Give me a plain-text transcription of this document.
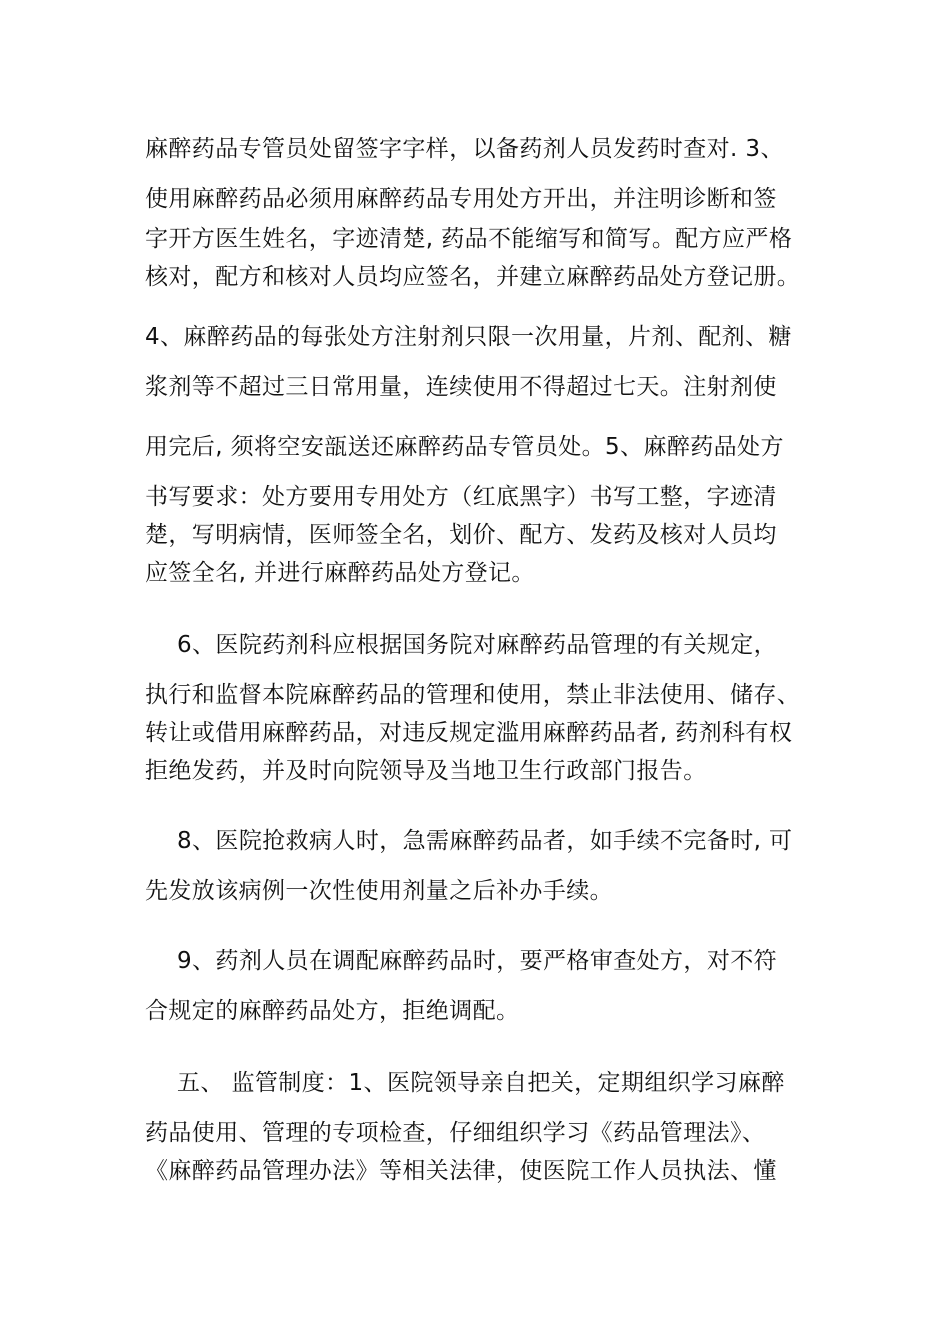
麻醉药品专管员处留签字字样，以备药剂人员发药时查对. 3、
使用麻醉药品必须用麻醉药品专用处方开出，并注明诊断和签
字开方医生姓名，字迹清楚, 药品不能缩写和简写。配方应严格
核对，配方和核对人员均应签名，并建立麻醉药品处方登记册。
4、麻醉药品的每张处方注射剂只限一次用量，片剂、配剂、糖
浆剂等不超过三日常用量，连续使用不得超过七天。注射剂使
用完后, 须将空安瓿送还麻醉药品专管员处。5、麻醉药品处方
书写要求：处方要用专用处方（红底黑字）书写工整，字迹清
楚，写明病情，医师签全名，划价、配方、发药及核对人员均
应签全名, 并进行麻醉药品处方登记。
6、医院药剂科应根据国务院对麻醉药品管理的有关规定，
执行和监督本院麻醉药品的管理和使用，禁止非法使用、储存、
转让或借用麻醉药品，对违反规定滥用麻醉药品者, 药剂科有权
拒绝发药，并及时向院领导及当地卫生行政部门报告。
8、医院抢救病人时，急需麻醉药品者，如手续不完备时, 可
先发放该病例一次性使用剂量之后补办手续。
9、药剂人员在调配麻醉药品时，要严格审查处方，对不符
合规定的麻醉药品处方，拒绝调配。
五、 监管制度：1、医院领导亲自把关，定期组织学习麻醉
药品使用、管理的专项检查，仔细组织学习《药品管理法》、
《麻醉药品管理办法》等相关法律，使医院工作人员执法、懂
